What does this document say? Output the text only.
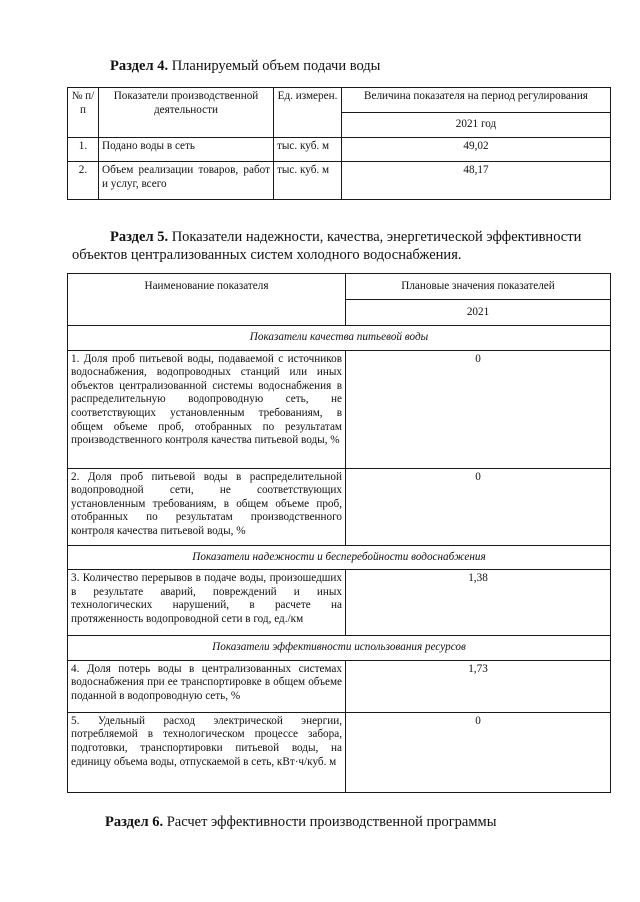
Раздел 4. Планируемый объем подачи воды
№ п/п	Показатели производственной деятельности	Ед. измерен.	Величина показателя на период регулирования
			2021 год
1.	Подано воды в сеть	тыс. куб. м	49,02
2.	Объем реализации товаров, работ и услуг, всего	тыс. куб. м	48,17
Раздел 5. Показатели надежности, качества, энергетической эффективности объектов централизованных систем холодного водоснабжения.
Наименование показателя	Плановые значения показателей
	2021
Показатели качества питьевой воды	
1. Доля проб питьевой воды, подаваемой с источников водоснабжения, водопроводных станций или иных объектов централизованной системы водоснабжения в распределительную водопроводную сеть, не соответствующих установленным требованиям, в общем объеме проб, отобранных по результатам производственного контроля качества питьевой воды, %	0
2. Доля проб питьевой воды в распределительной водопроводной сети, не соответствующих установленным требованиям, в общем объеме проб, отобранных по результатам производственного контроля качества питьевой воды, %	0
Показатели надежности и бесперебойности водоснабжения	
3. Количество перерывов в подаче воды, произошедших в результате аварий, повреждений и иных технологических нарушений, в расчете на протяженность водопроводной сети в год, ед./км	1,38
Показатели эффективности использования ресурсов	
4. Доля потерь воды в централизованных системах водоснабжения при ее транспортировке в общем объеме поданной в водопроводную сеть, %	1,73
5. Удельный расход электрической энергии, потребляемой в технологическом процессе забора, подготовки, транспортировки питьевой воды, на единицу объема воды, отпускаемой в сеть, кВт·ч/куб. м	0
Раздел 6. Расчет эффективности производственной программы
